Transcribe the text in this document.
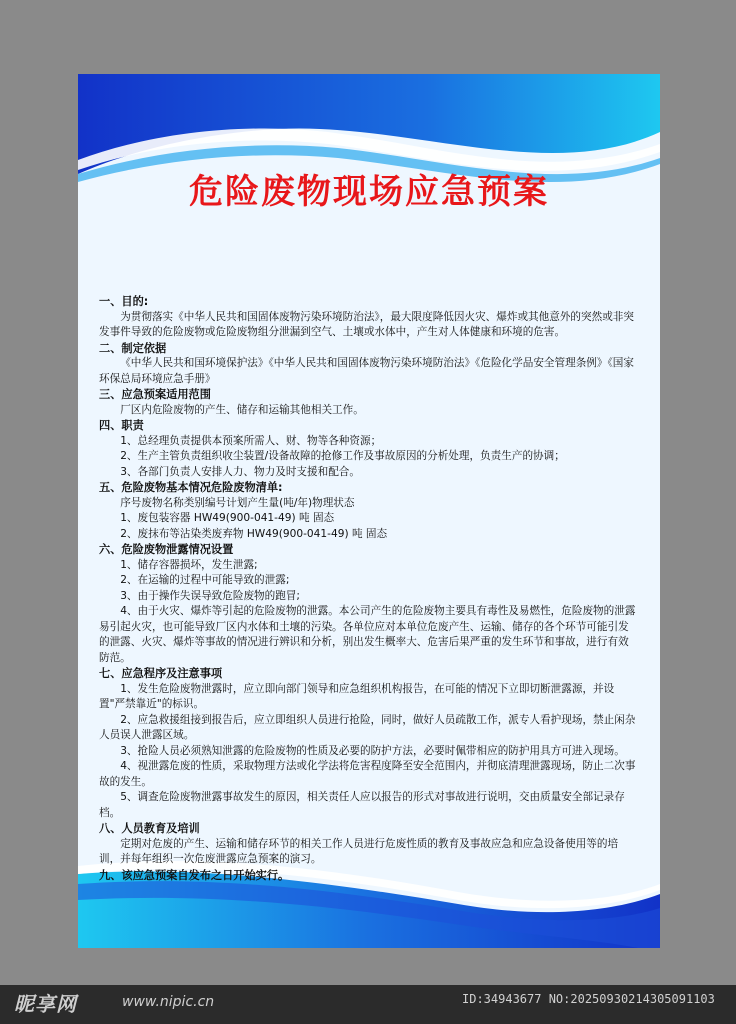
危险废物现场应急预案
一、目的:
为贯彻落实《中华人民共和国固体废物污染环境防治法》，最大限度降低因火灾、爆炸或其他意外的突然或非突发事件导致的危险废物或危险废物组分泄漏到空气、土壤或水体中，产生对人体健康和环境的危害。
二、制定依据
《中华人民共和国环境保护法》《中华人民共和国固体废物污染环境防治法》《危险化学品安全管理条例》《国家环保总局环境应急手册》
三、应急预案适用范围
厂区内危险废物的产生、储存和运输其他相关工作。
四、职责
1、总经理负责提供本预案所需人、财、物等各种资源；
2、生产主管负责组织收尘装置/设备故障的抢修工作及事故原因的分析处理，负责生产的协调；
3、各部门负责人安排人力、物力及时支援和配合。
五、危险废物基本情况危险废物清单:
序号废物名称类别编号计划产生量(吨/年)物理状态
1、废包装容器 HW49(900-041-49) 吨 固态
2、废抹布等沾染类废弃物 HW49(900-041-49) 吨 固态
六、危险废物泄露情况设置
1、储存容器损坏，发生泄露;
2、在运输的过程中可能导致的泄露;
3、由于操作失误导致危险废物的跑冒;
4、由于火灾、爆炸等引起的危险废物的泄露。本公司产生的危险废物主要具有毒性及易燃性，危险废物的泄露易引起火灾，也可能导致厂区内水体和土壤的污染。各单位应对本单位危废产生、运输、储存的各个环节可能引发的泄露、火灾、爆炸等事故的情况进行辨识和分析，别出发生概率大、危害后果严重的发生环节和事故，进行有效防范。
七、应急程序及注意事项
1、发生危险废物泄露时，应立即向部门领导和应急组织机构报告，在可能的情况下立即切断泄露源，并设置"严禁靠近"的标识。
2、应急救援组接到报告后，应立即组织人员进行抢险，同时，做好人员疏散工作，派专人看护现场，禁止闲杂人员误人泄露区域。
3、抢险人员必须熟知泄露的危险废物的性质及必要的防护方法，必要时佩带相应的防护用具方可进入现场。
4、视泄露危废的性质，采取物理方法或化学法将危害程度降至安全范围内，并彻底清理泄露现场，防止二次事故的发生。
5、调查危险废物泄露事故发生的原因，相关责任人应以报告的形式对事故进行说明，交由质量安全部记录存档。
八、人员教育及培训
定期对危废的产生、运输和储存环节的相关工作人员进行危废性质的教育及事故应急和应急设备使用等的培训，并每年组织一次危废泄露应急预案的演习。
九、该应急预案自发布之日开始实行。
昵享网	www.nipic.cn	ID:34943677 NO:20250930214305091103
